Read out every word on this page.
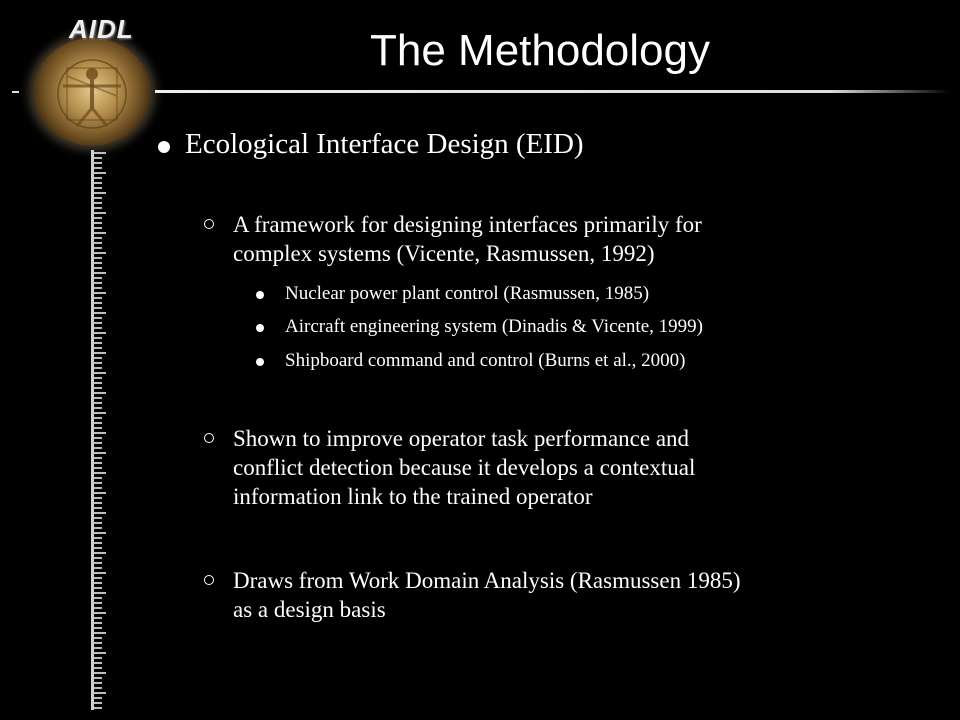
AIDL	The Methodology
Ecological Interface Design (EID)
A framework for designing interfaces primarily for
complex systems (Vicente, Rasmussen, 1992)
Nuclear power plant control (Rasmussen, 1985)
Aircraft engineering system (Dinadis & Vicente, 1999)
Shipboard command and control (Burns et al., 2000)
Shown to improve operator task performance and
conflict detection because it develops a contextual
information link to the trained operator
Draws from Work Domain Analysis (Rasmussen 1985)
as a design basis
